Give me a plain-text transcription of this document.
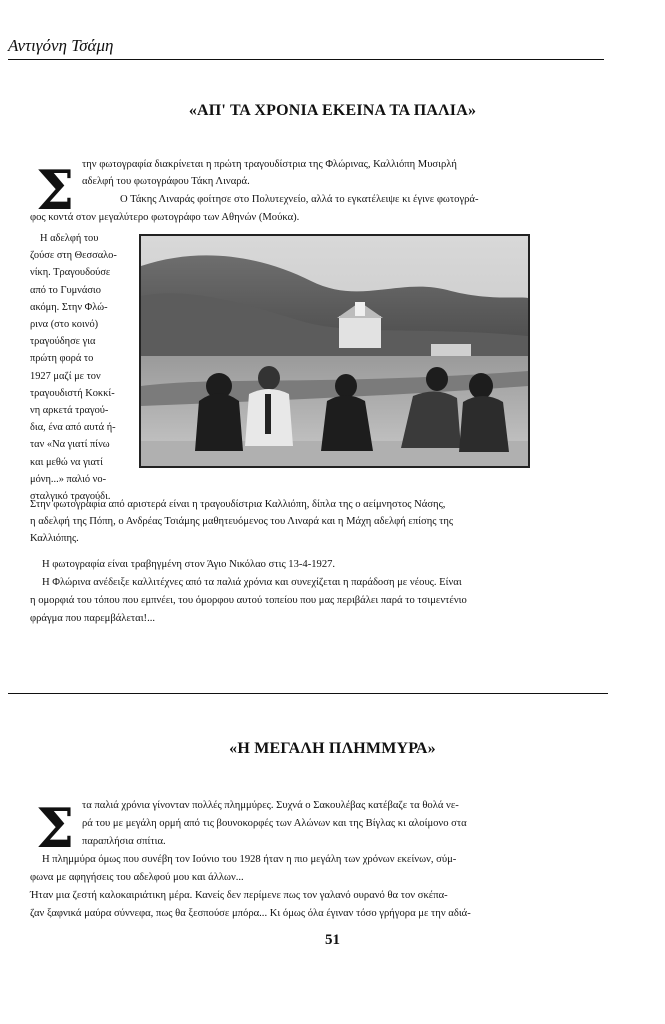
Αντιγόνη Τσάμη
«ΑΠ' ΤΑ ΧΡΟΝΙΑ ΕΚΕΙΝΑ ΤΑ ΠΑΛΙΑ»
Σ την φωτογραφία διακρίνεται η πρώτη τραγουδίστρια της Φλώρινας, Καλλιόπη Μυσιρλή
αδελφή του φωτογράφου Τάκη Λιναρά.
Ο Τάκης Λιναράς φοίτησε στο Πολυτεχνείο, αλλά το εγκατέλειψε κι έγινε φωτογρά-
φος κοντά στον μεγαλύτερο φωτογράφο των Αθηνών (Μούκα).
Η αδελφή του
ζούσε στη Θεσσαλο-
νίκη. Τραγουδούσε
από το Γυμνάσιο
ακόμη. Στην Φλώ-
ρινα (στο κοινό)
τραγούδησε για
πρώτη φορά το
1927 μαζί με τον
τραγουδιστή Κοκκί-
νη αρκετά τραγού-
δια, ένα από αυτά ή-
ταν «Να γιατί πίνω
και μεθώ να γιατί
μόνη...» παλιό νο-
σταλγικό τραγούδι.
Στην φωτογραφία από αριστερά είναι η τραγουδίστρια Καλλιόπη, δίπλα της ο αείμνηστος Νάσης,
η αδελφή της Πόπη, ο Ανδρέας Τσιάμης μαθητευόμενος του Λιναρά και η Μάχη αδελφή επίσης της
Καλλιόπης.
Η φωτογραφία είναι τραβηγμένη στον Άγιο Νικόλαο στις 13-4-1927.
Η Φλώρινα ανέδειξε καλλιτέχνες από τα παλιά χρόνια και συνεχίζεται η παράδοση με νέους. Είναι
η ομορφιά του τόπου που εμπνέει, του όμορφου αυτού τοπείου που μας περιβάλει παρά το τσιμεντένιο
φράγμα που παρεμβάλεται!...
«Η ΜΕΓΑΛΗ ΠΛΗΜΜΥΡΑ»
Σ τα παλιά χρόνια γίνονταν πολλές πλημμύρες. Συχνά ο Σακουλέβας κατέβαζε τα θολά νε-
ρά του με μεγάλη ορμή από τις βουνοκορφές των Αλώνων και της Βίγλας κι αλοίμονο στα
παραπλήσια σπίτια.
Η πλημμύρα όμως που συνέβη τον Ιούνιο του 1928 ήταν η πιο μεγάλη των χρόνων εκείνων, σύμ-
φωνα με αφηγήσεις του αδελφού μου και άλλων...
Ήταν μια ζεστή καλοκαιριάτικη μέρα. Κανείς δεν περίμενε πως τον γαλανό ουρανό θα τον σκέπα-
ζαν ξαφνικά μαύρα σύννεφα, πως θα ξεσπούσε μπόρα... Κι όμως όλα έγιναν τόσο γρήγορα με την αδιά-
51
